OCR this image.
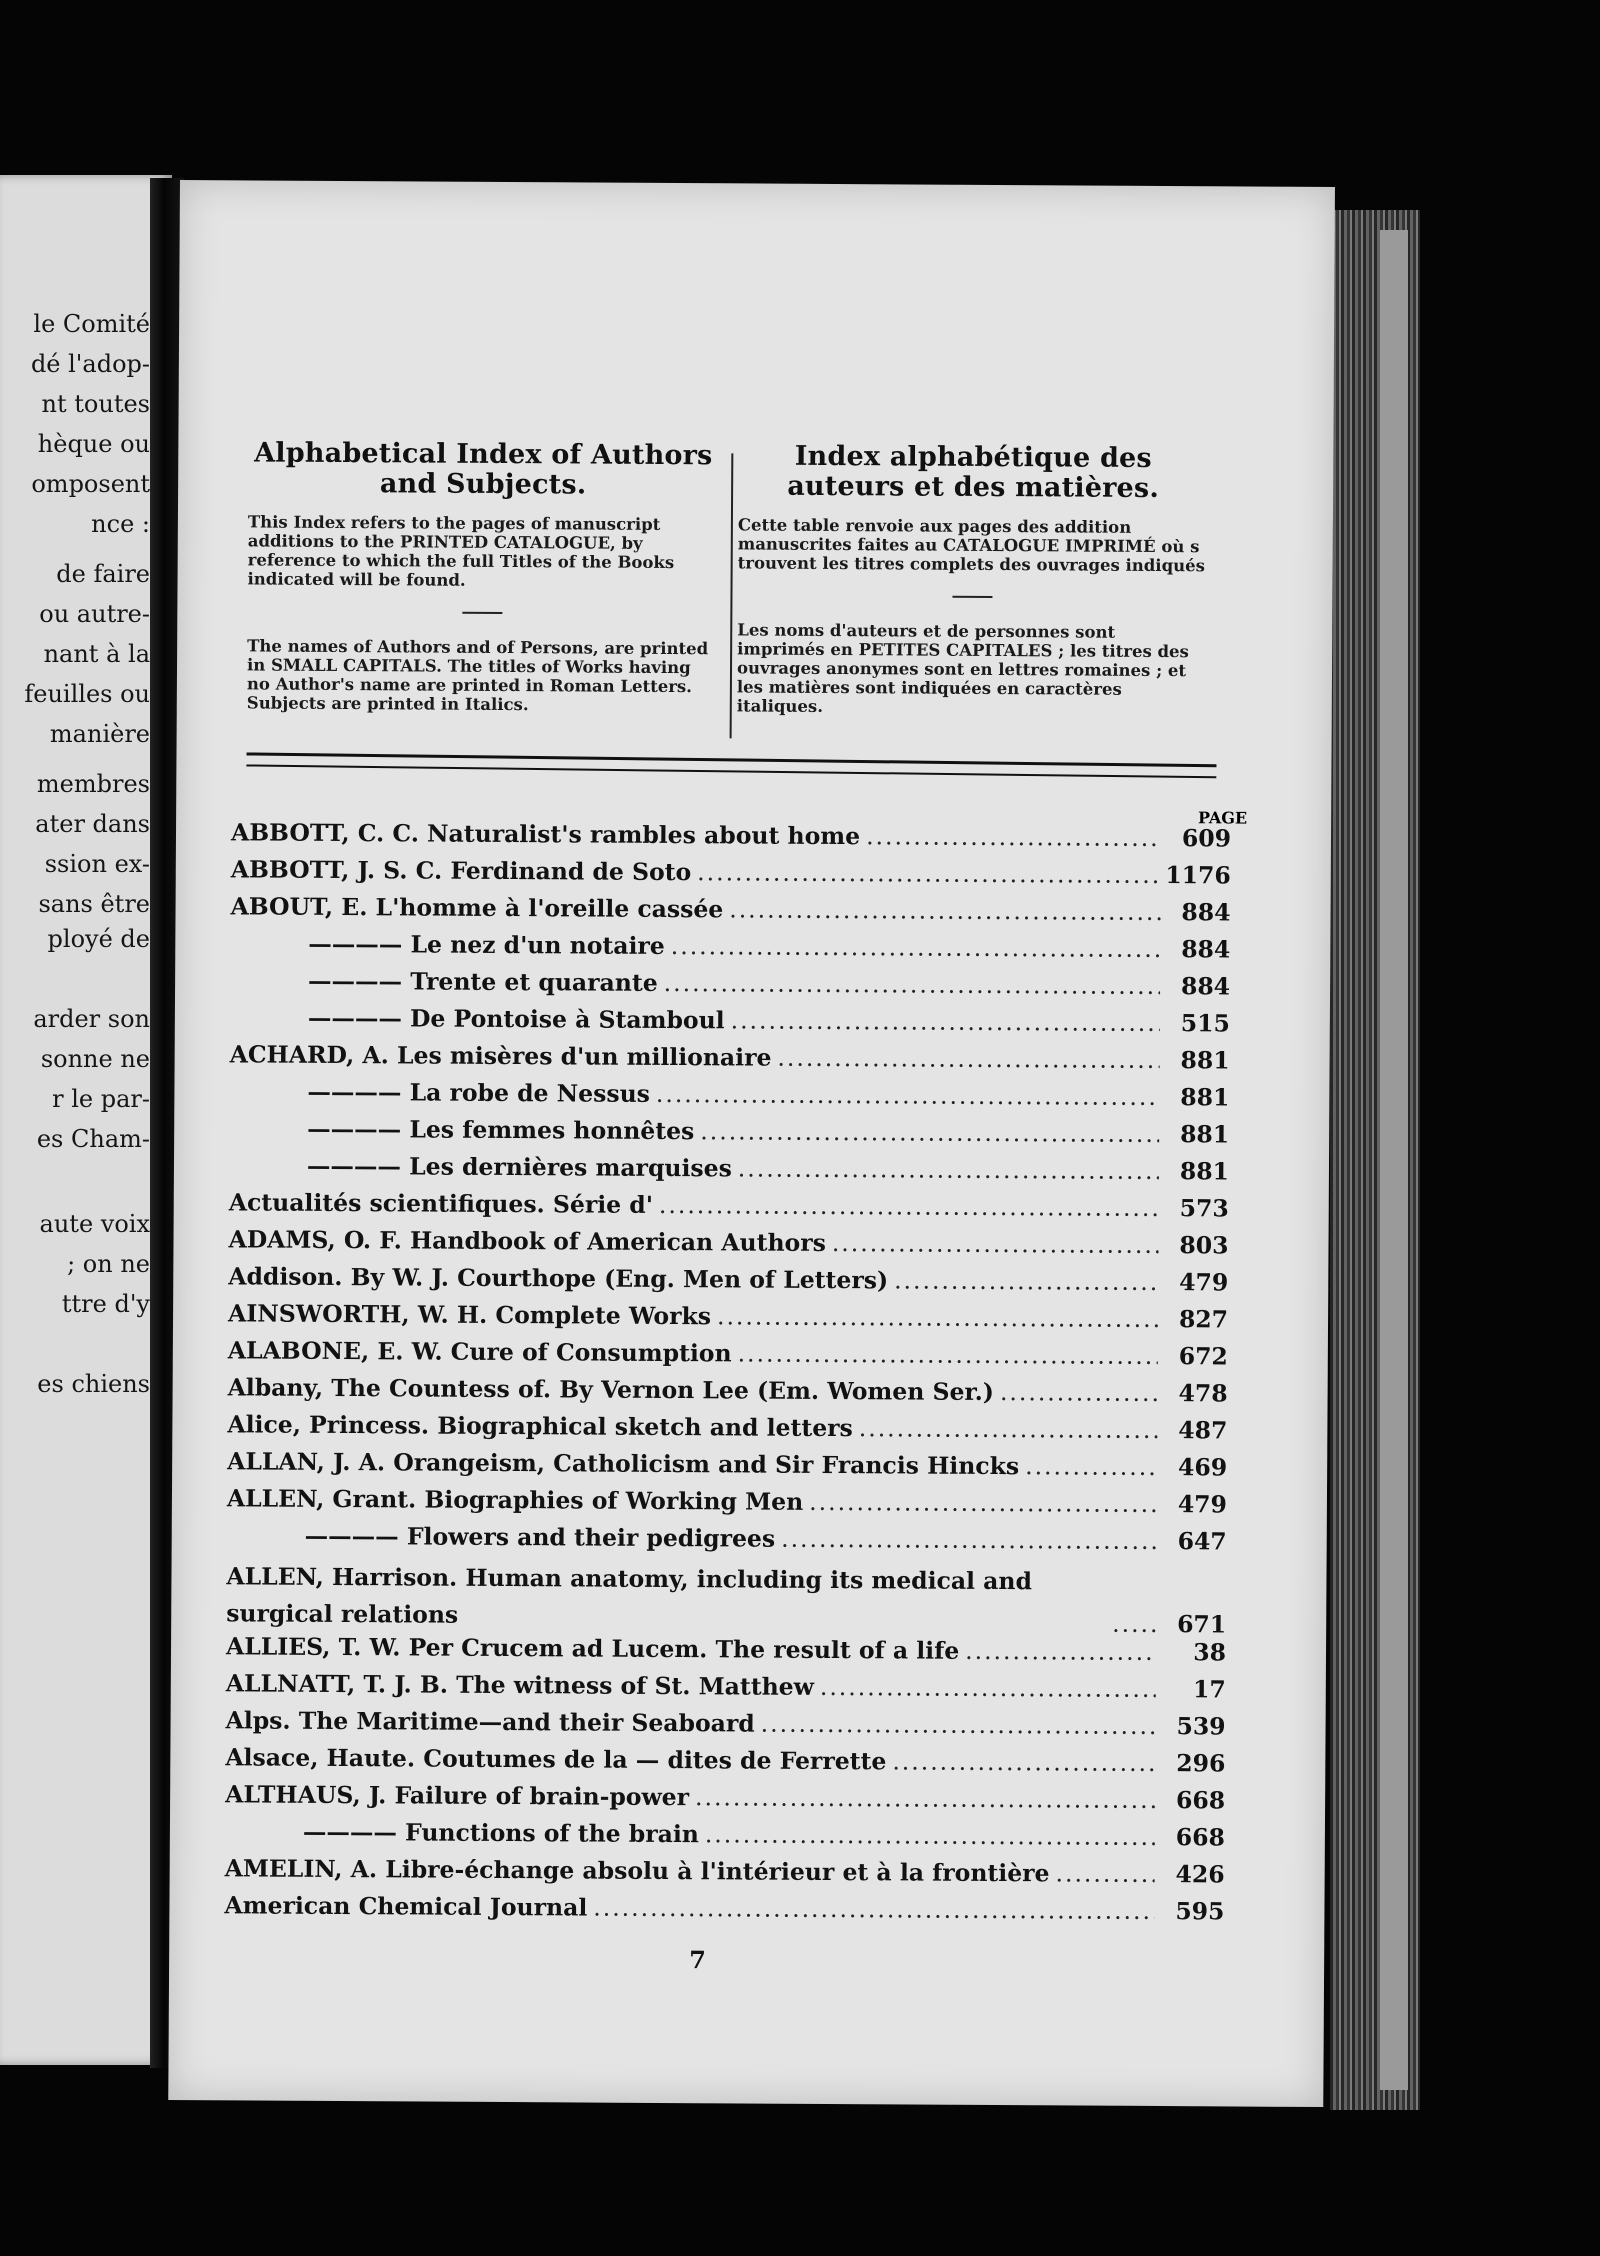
le Comité
dé l'adop-
nt toutes
hèque ou
omposent
nce :
de faire
ou autre-
nant à la
feuilles ou
manière
membres
ater dans
ssion ex-
sans être
ployé de
arder son
sonne ne
r le par-
es Cham-
aute voix
; on ne
ttre d'y
es chiens
Alphabetical Index of Authors and Subjects.

This Index refers to the pages of manuscript additions to the PRINTED CATALOGUE, by reference to which the full Titles of the Books indicated will be found.

The names of Authors and of Persons, are printed in SMALL CAPITALS. The titles of Works having no Author's name are printed in Roman Letters. Subjects are printed in Italics.

Index alphabétique des auteurs et des matières.

Cette table renvoie aux pages des addition manuscrites faites au CATALOGUE IMPRIMÉ où s trouvent les titres complets des ouvrages indiqués

Les noms d'auteurs et de personnes sont imprimés en PETITES CAPITALES ; les titres des ouvrages anonymes sont en lettres romaines ; et les matières sont indiquées en caractères italiques.

PAGE
ABBOTT, C. C. Naturalist's rambles about home .....	609
ABBOTT, J. S. C. Ferdinand de Soto .....	1176
ABOUT, E. L'homme à l'oreille cassée .....	884
———— Le nez d'un notaire .....	884
———— Trente et quarante .....	884
———— De Pontoise à Stamboul .....	515
ACHARD, A. Les misères d'un millionaire .....	881
———— La robe de Nessus .....	881
———— Les femmes honnêtes .....	881
———— Les dernières marquises .....	881
Actualités scientifiques. Série d' .....	573
ADAMS, O. F. Handbook of American Authors .....	803
Addison. By W. J. Courthope (Eng. Men of Letters) .....	479
AINSWORTH, W. H. Complete Works .....	827
ALABONE, E. W. Cure of Consumption .....	672
Albany, The Countess of. By Vernon Lee (Em. Women Ser.) .....	478
Alice, Princess. Biographical sketch and letters .....	487
ALLAN, J. A. Orangeism, Catholicism and Sir Francis Hincks .....	469
ALLEN, Grant. Biographies of Working Men .....	479
———— Flowers and their pedigrees .....	647
ALLEN, Harrison. Human anatomy, including its medical and surgical relations .....	671
ALLIES, T. W. Per Crucem ad Lucem. The result of a life .....	38
ALLNATT, T. J. B. The witness of St. Matthew .....	17
Alps. The Maritime—and their Seaboard .....	539
Alsace, Haute. Coutumes de la — dites de Ferrette .....	296
ALTHAUS, J. Failure of brain-power .....	668
———— Functions of the brain .....	668
AMELIN, A. Libre-échange absolu à l'intérieur et à la frontière .....	426
American Chemical Journal .....	595
7
